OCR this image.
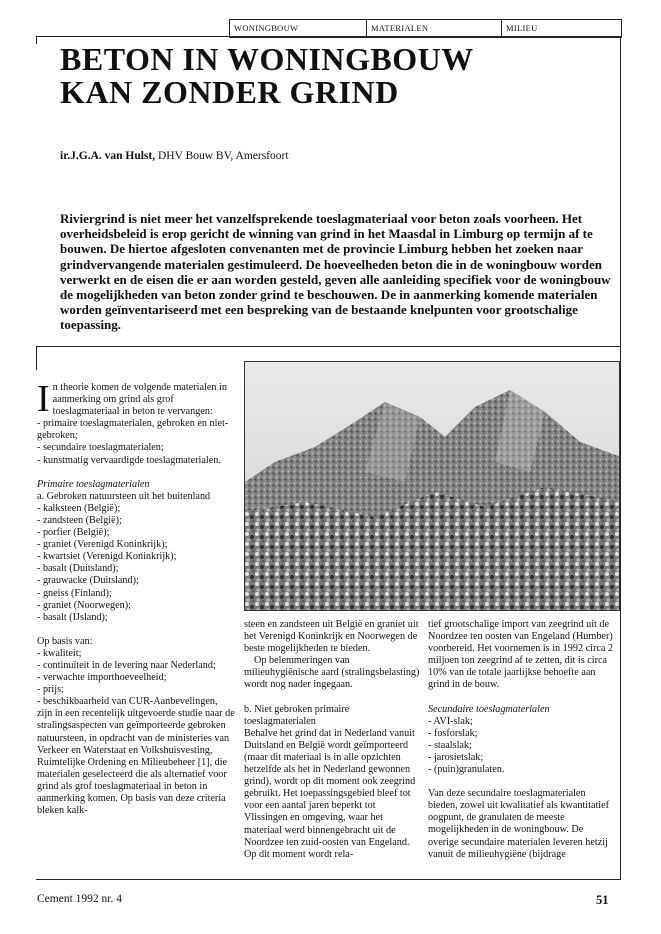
WONINGBOUW	MATERIALEN	MILIEU
BETON IN WONINGBOUW
KAN ZONDER GRIND
ir.J.G.A. van Hulst, DHV Bouw BV, Amersfoort

Riviergrind is niet meer het vanzelfsprekende toeslagmateriaal voor beton zoals voorheen. Het overheidsbeleid is erop gericht de winning van grind in het Maasdal in Limburg op termijn af te bouwen. De hiertoe afgesloten convenanten met de provincie Limburg hebben het zoeken naar grindvervangende materialen gestimuleerd. De hoeveelheden beton die in de woningbouw worden verwerkt en de eisen die er aan worden gesteld, geven alle aanleiding specifiek voor de woningbouw de mogelijkheden van beton zonder grind te beschouwen. De in aanmerking komende materialen worden geïnventariseerd met een bespreking van de bestaande knelpunten voor grootschalige toepassing.

In theorie komen de volgende materialen in aanmerking om grind als grof toeslagmateriaal in beton te vervangen:

- primaire toeslagmaterialen, gebroken en niet-gebroken;

- secundaire toeslagmaterialen;

- kunstmatig vervaardigde toeslagmaterialen.

Primaire toeslagmaterialen

a. Gebroken natuursteen uit het buitenland

- kalksteen (België);

- zandsteen (België);

- porfier (België);

- graniet (Verenigd Koninkrijk);

- kwartsiet (Verenigd Koninkrijk);

- basalt (Duitsland);

- grauwacke (Duitsland);

- gneiss (Finland);

- graniet (Noorwegen);

- basalt (IJsland);

Op basis van:

- kwaliteit;

- continuïteit in de levering naar Nederland;

- verwachte importhoeveelheid;

- prijs;

- beschikbaarheid van CUR-Aanbevelingen,

zijn in een recentelijk uitgevoerde studie naar de stralingsaspecten van geïmporteerde gebroken natuursteen, in opdracht van de ministeries van Verkeer en Waterstaat en Volkshuisvesting, Ruimtelijke Ordening en Milieubeheer [1], die materialen geselecteerd die als alternatief voor grind als grof toeslagmateriaal in beton in aanmerking komen. Op basis van deze criteria bleken kalk-

steen en zandsteen uit België en graniet uit het Verenigd Koninkrijk en Noorwegen de beste mogelijkheden te bieden.

Op belemmeringen van milieuhygiënische aard (stralingsbelasting) wordt nog nader ingegaan.

b. Niet gebroken primaire toeslagmaterialen

Behalve het grind dat in Nederland vanuit Duitsland en België wordt geïmporteerd (maar dit materiaal is in alle opzichten hetzelfde als het in Nederland gewonnen grind), wordt op dit moment ook zeegrind gebruikt. Het toepassingsgebied bleef tot voor een aantal jaren beperkt tot Vlissingen en omgeving, waar het materiaal werd binnengebracht uit de Noordzee ten zuid-oosten van Engeland. Op dit moment wordt rela-

tief grootschalige import van zeegrind uit de Noordzee ten oosten van Engeland (Humber) voorbereid. Het voornemen is in 1992 circa 2 miljoen ton zeegrind af te zetten, dit is circa 10% van de totale jaarlijkse behoefte aan grind in de bouw.

Secundaire toeslagmaterialen

- AVI-slak;

- fosforslak;

- staalslak;

- jarosietslak;

- (puin)granulaten.

Van deze secundaire toeslagmaterialen bieden, zowel uit kwalitatief als kwantitatief oogpunt, de granulaten de meeste mogelijkheden in de woningbouw. De overige secundaire materialen leveren hetzij vanuit de milieuhygiëne (bijdrage

Cement 1992 nr. 4	51
